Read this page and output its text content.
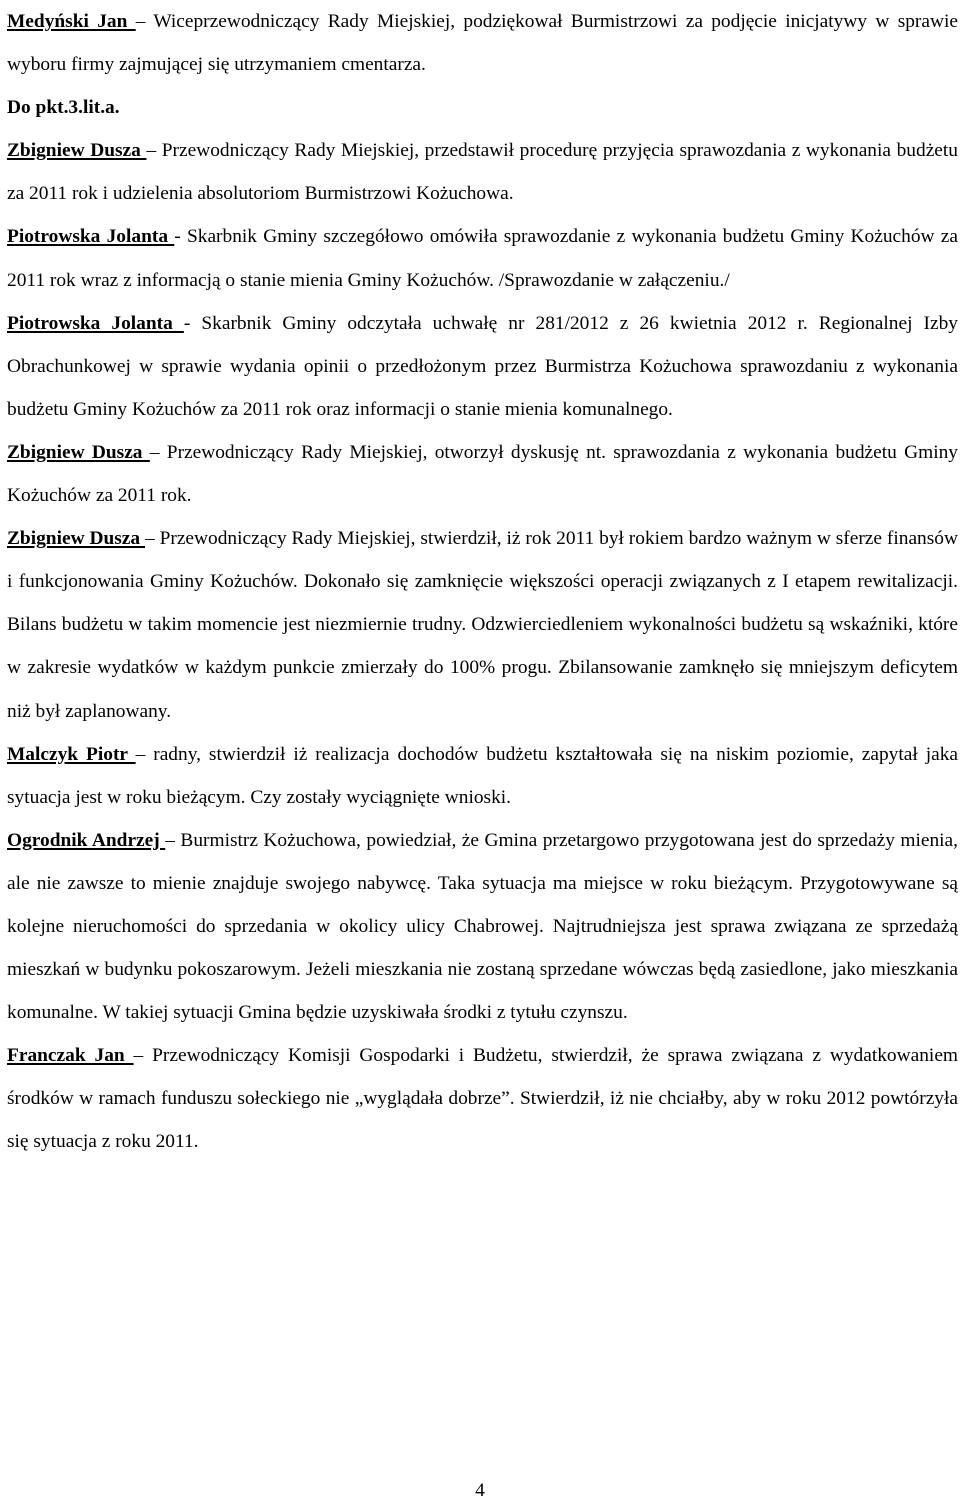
Medyński Jan – Wiceprzewodniczący Rady Miejskiej, podziękował Burmistrzowi za podjęcie inicjatywy w sprawie wyboru firmy zajmującej się utrzymaniem cmentarza.

Do pkt.3.lit.a.

Zbigniew Dusza – Przewodniczący Rady Miejskiej, przedstawił procedurę przyjęcia sprawozdania z wykonania budżetu za 2011 rok i udzielenia absolutoriom Burmistrzowi Kożuchowa.

Piotrowska Jolanta - Skarbnik Gminy szczegółowo omówiła sprawozdanie z wykonania budżetu Gminy Kożuchów za 2011 rok wraz z informacją o stanie mienia Gminy Kożuchów. /Sprawozdanie w załączeniu./

Piotrowska Jolanta - Skarbnik Gminy odczytała uchwałę nr 281/2012 z 26 kwietnia 2012 r. Regionalnej Izby Obrachunkowej w sprawie wydania opinii o przedłożonym przez Burmistrza Kożuchowa sprawozdaniu z wykonania budżetu Gminy Kożuchów za 2011 rok oraz informacji o stanie mienia komunalnego.

Zbigniew Dusza – Przewodniczący Rady Miejskiej, otworzył dyskusję nt. sprawozdania z wykonania budżetu Gminy Kożuchów za 2011 rok.

Zbigniew Dusza – Przewodniczący Rady Miejskiej, stwierdził, iż rok 2011 był rokiem bardzo ważnym w sferze finansów i funkcjonowania Gminy Kożuchów. Dokonało się zamknięcie większości operacji związanych z I etapem rewitalizacji. Bilans budżetu w takim momencie jest niezmiernie trudny. Odzwierciedleniem wykonalności budżetu są wskaźniki, które w zakresie wydatków w każdym punkcie zmierzały do 100% progu. Zbilansowanie zamknęło się mniejszym deficytem niż był zaplanowany.

Malczyk Piotr – radny, stwierdził iż realizacja dochodów budżetu kształtowała się na niskim poziomie, zapytał jaka sytuacja jest w roku bieżącym. Czy zostały wyciągnięte wnioski.

Ogrodnik Andrzej – Burmistrz Kożuchowa, powiedział, że Gmina przetargowo przygotowana jest do sprzedaży mienia, ale nie zawsze to mienie znajduje swojego nabywcę. Taka sytuacja ma miejsce w roku bieżącym. Przygotowywane są kolejne nieruchomości do sprzedania w okolicy ulicy Chabrowej. Najtrudniejsza jest sprawa związana ze sprzedażą mieszkań w budynku pokoszarowym. Jeżeli mieszkania nie zostaną sprzedane wówczas będą zasiedlone, jako mieszkania komunalne. W takiej sytuacji Gmina będzie uzyskiwała środki z tytułu czynszu.

Franczak Jan – Przewodniczący Komisji Gospodarki i Budżetu, stwierdził, że sprawa związana z wydatkowaniem środków w ramach funduszu sołeckiego nie „wyglądała dobrze”. Stwierdził, iż nie chciałby, aby w roku 2012 powtórzyła się sytuacja z roku 2011.

4
